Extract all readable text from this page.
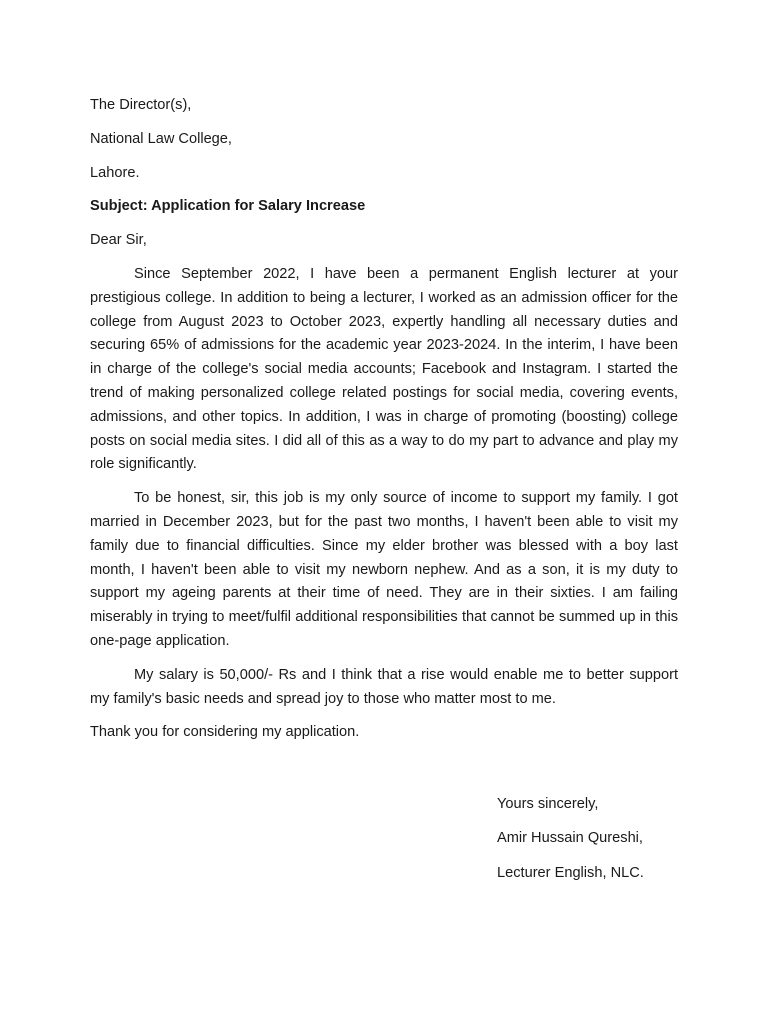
The Director(s),

National Law College,

Lahore.

Subject: Application for Salary Increase

Dear Sir,

Since September 2022, I have been a permanent English lecturer at your prestigious college. In addition to being a lecturer, I worked as an admission officer for the college from August 2023 to October 2023, expertly handling all necessary duties and securing 65% of admissions for the academic year 2023-2024. In the interim, I have been in charge of the college's social media accounts; Facebook and Instagram. I started the trend of making personalized college related postings for social media, covering events, admissions, and other topics. In addition, I was in charge of promoting (boosting) college posts on social media sites. I did all of this as a way to do my part to advance and play my role significantly.

To be honest, sir, this job is my only source of income to support my family. I got married in December 2023, but for the past two months, I haven't been able to visit my family due to financial difficulties. Since my elder brother was blessed with a boy last month, I haven't been able to visit my newborn nephew. And as a son, it is my duty to support my ageing parents at their time of need. They are in their sixties. I am failing miserably in trying to meet/fulfil additional responsibilities that cannot be summed up in this one-page application.

My salary is 50,000/- Rs and I think that a rise would enable me to better support my family's basic needs and spread joy to those who matter most to me.

Thank you for considering my application.

Yours sincerely,

Amir Hussain Qureshi,

Lecturer English, NLC.
